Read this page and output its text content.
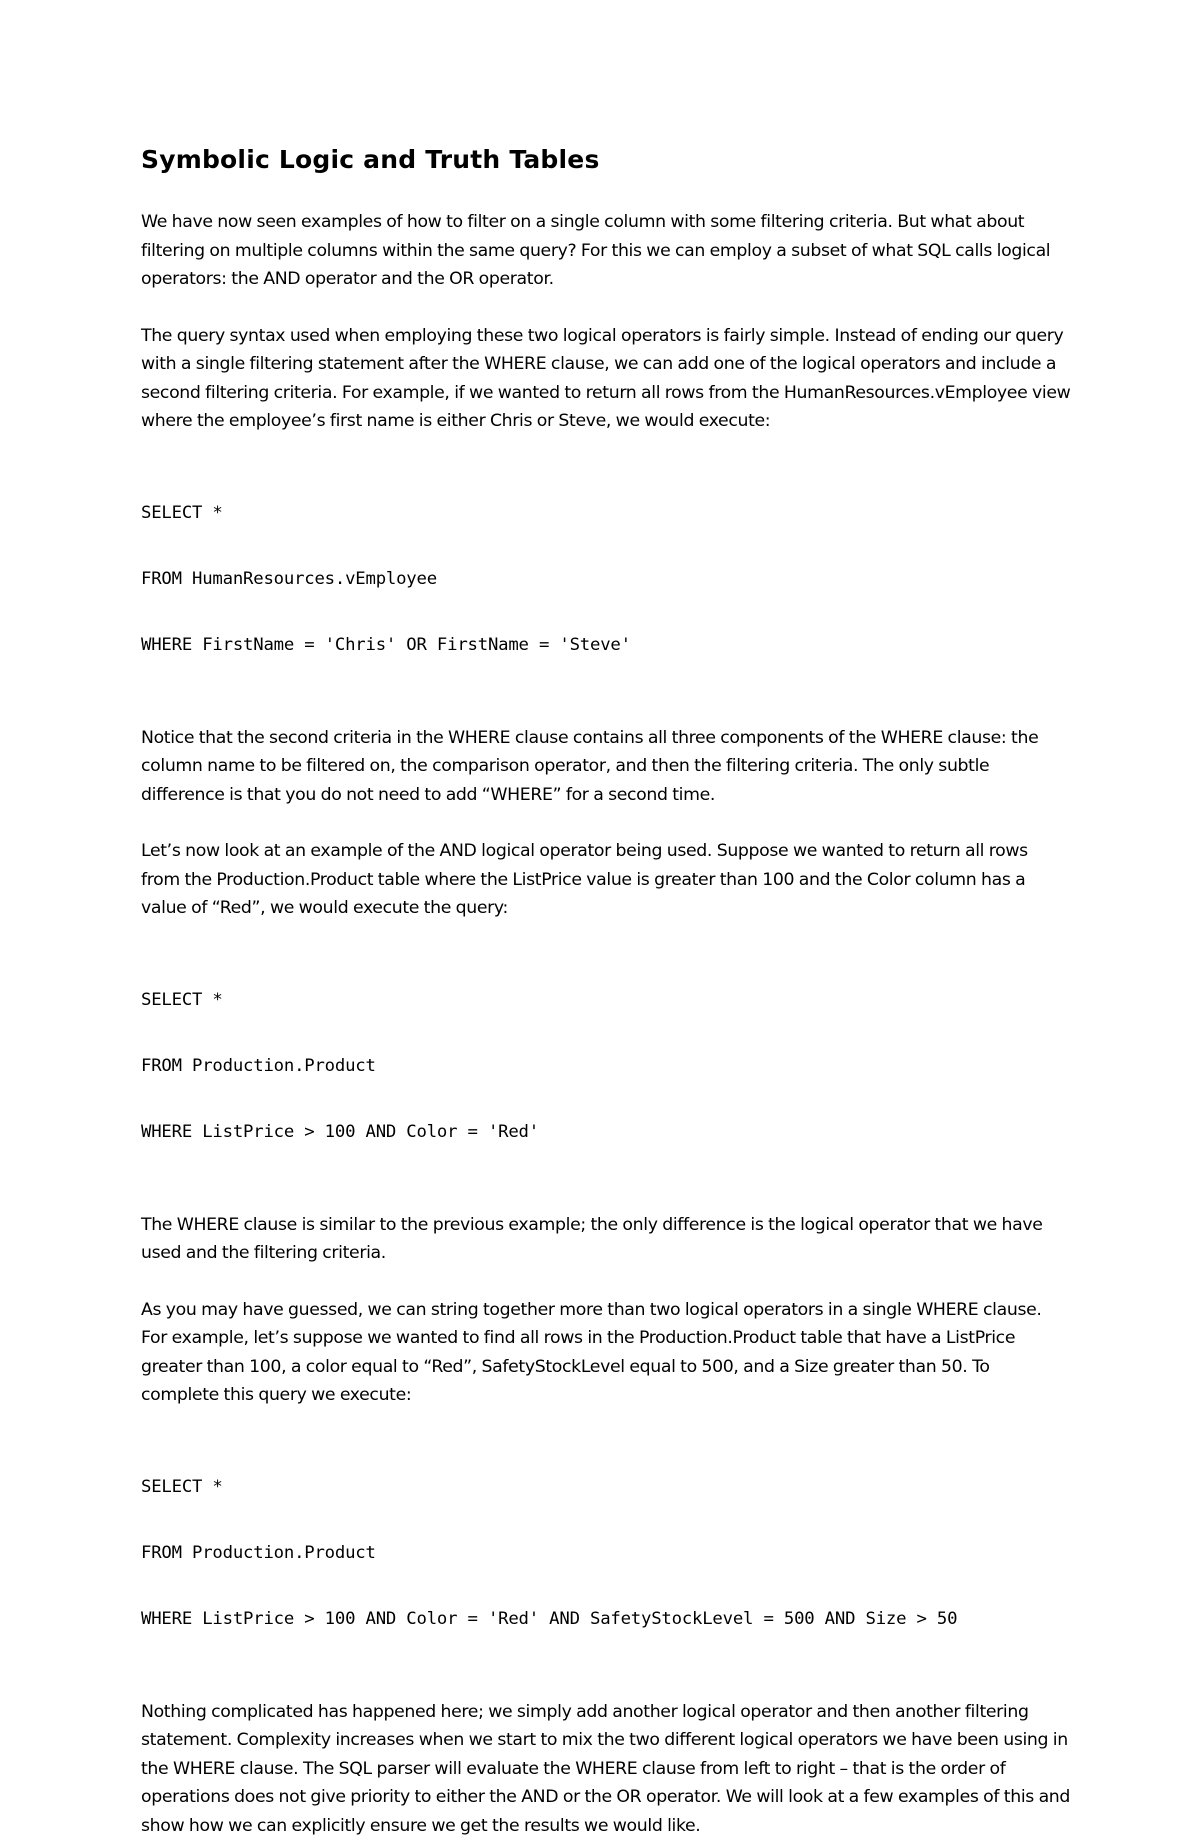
Symbolic Logic and Truth Tables

We have now seen examples of how to filter on a single column with some filtering criteria. But what about filtering on multiple columns within the same query? For this we can employ a subset of what SQL calls logical operators: the AND operator and the OR operator.

The query syntax used when employing these two logical operators is fairly simple. Instead of ending our query with a single filtering statement after the WHERE clause, we can add one of the logical operators and include a second filtering criteria. For example, if we wanted to return all rows from the HumanResources.vEmployee view where the employee’s first name is either Chris or Steve, we would execute:

SELECT *

FROM HumanResources.vEmployee

WHERE FirstName = 'Chris' OR FirstName = 'Steve'

Notice that the second criteria in the WHERE clause contains all three components of the WHERE clause: the column name to be filtered on, the comparison operator, and then the filtering criteria. The only subtle difference is that you do not need to add “WHERE” for a second time.

Let’s now look at an example of the AND logical operator being used. Suppose we wanted to return all rows from the Production.Product table where the ListPrice value is greater than 100 and the Color column has a value of “Red”, we would execute the query:

SELECT *

FROM Production.Product

WHERE ListPrice > 100 AND Color = 'Red'

The WHERE clause is similar to the previous example; the only difference is the logical operator that we have used and the filtering criteria.

As you may have guessed, we can string together more than two logical operators in a single WHERE clause. For example, let’s suppose we wanted to find all rows in the Production.Product table that have a ListPrice greater than 100, a color equal to “Red”, SafetyStockLevel equal to 500, and a Size greater than 50. To complete this query we execute:

SELECT *

FROM Production.Product

WHERE ListPrice > 100 AND Color = 'Red' AND SafetyStockLevel = 500 AND Size > 50

Nothing complicated has happened here; we simply add another logical operator and then another filtering statement. Complexity increases when we start to mix the two different logical operators we have been using in the WHERE clause. The SQL parser will evaluate the WHERE clause from left to right – that is the order of operations does not give priority to either the AND or the OR operator. We will look at a few examples of this and show how we can explicitly ensure we get the results we would like.
